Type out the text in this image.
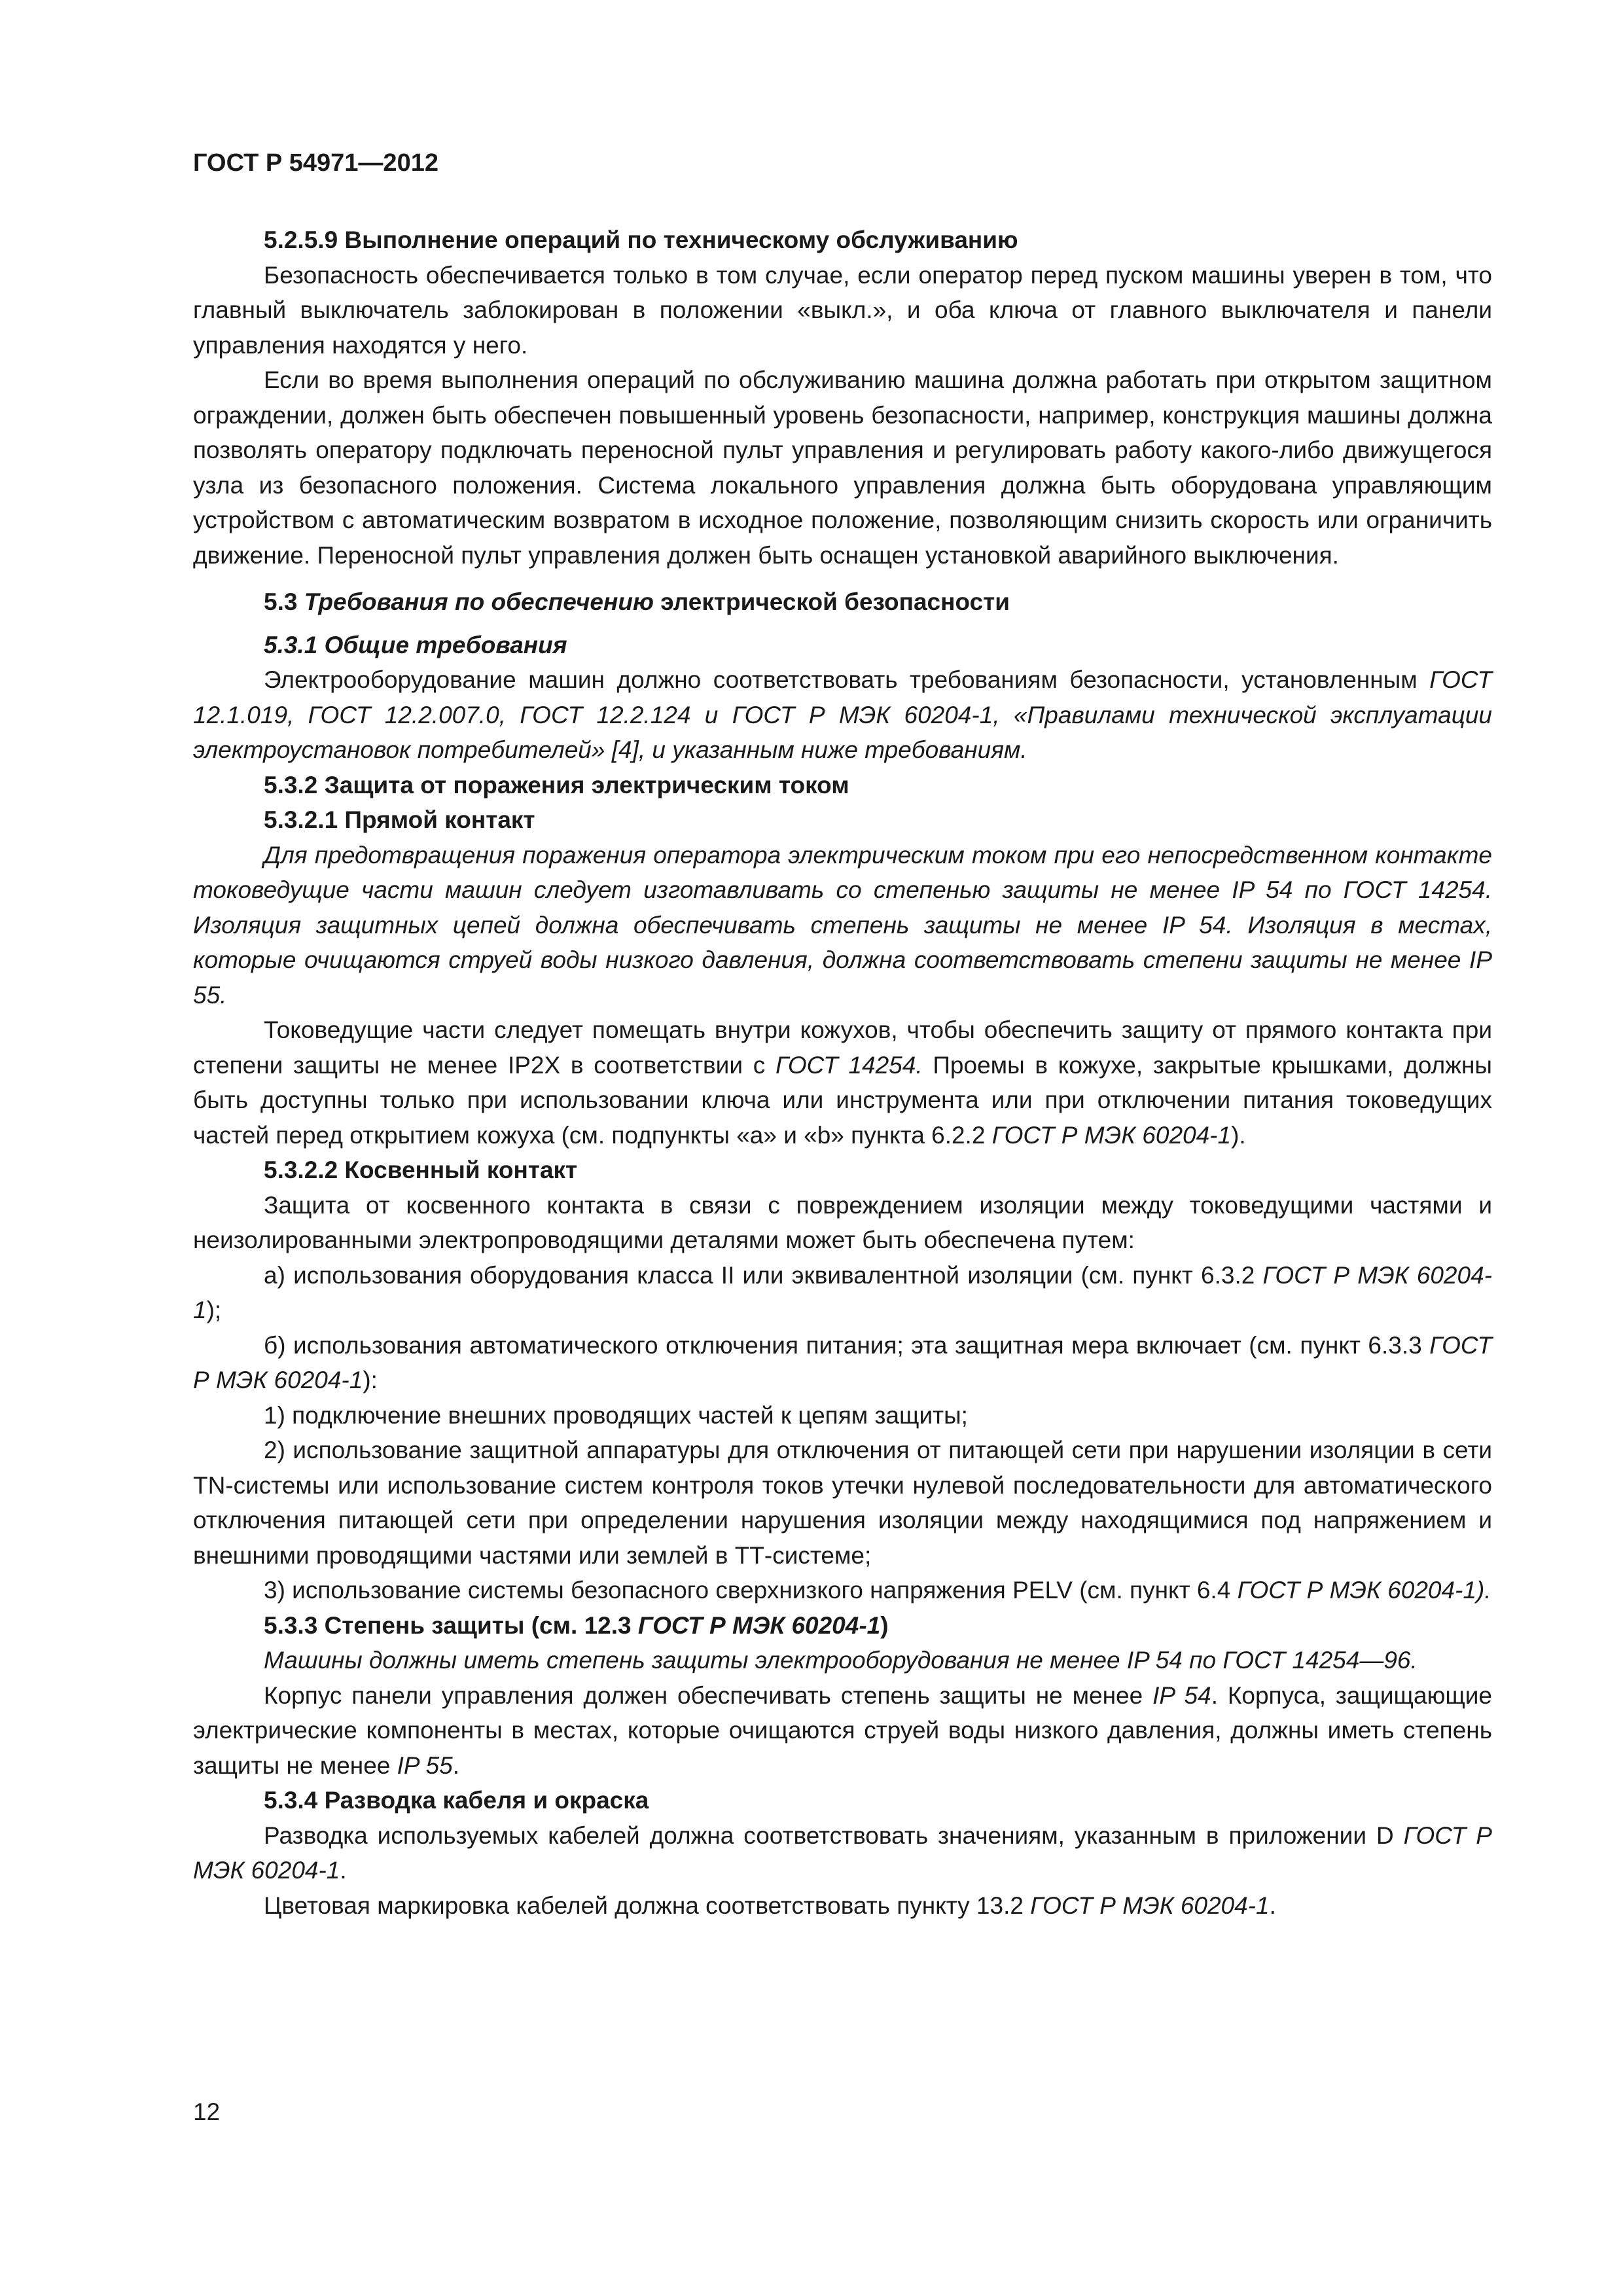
ГОСТ Р 54971—2012

5.2.5.9 Выполнение операций по техническому обслуживанию

Безопасность обеспечивается только в том случае, если оператор перед пуском машины уверен в том, что главный выключатель заблокирован в положении «выкл.», и оба ключа от главного выключателя и панели управления находятся у него.

Если во время выполнения операций по обслуживанию машина должна работать при открытом защитном ограждении, должен быть обеспечен повышенный уровень безопасности, например, конструкция машины должна позволять оператору подключать переносной пульт управления и регулировать работу какого-либо движущегося узла из безопасного положения. Система локального управления должна быть оборудована управляющим устройством с автоматическим возвратом в исходное положение, позволяющим снизить скорость или ограничить движение. Переносной пульт управления должен быть оснащен установкой аварийного выключения.

5.3 Требования по обеспечению электрической безопасности

5.3.1 Общие требования

Электрооборудование машин должно соответствовать требованиям безопасности, установленным ГОСТ 12.1.019, ГОСТ 12.2.007.0, ГОСТ 12.2.124 и ГОСТ Р МЭК 60204-1, «Правилами технической эксплуатации электроустановок потребителей» [4], и указанным ниже требованиям.

5.3.2 Защита от поражения электрическим током

5.3.2.1 Прямой контакт

Для предотвращения поражения оператора электрическим током при его непосредственном контакте токоведущие части машин следует изготавливать со степенью защиты не менее IP 54 по ГОСТ 14254. Изоляция защитных цепей должна обеспечивать степень защиты не менее IP 54. Изоляция в местах, которые очищаются струей воды низкого давления, должна соответствовать степени защиты не менее IP 55.

Токоведущие части следует помещать внутри кожухов, чтобы обеспечить защиту от прямого контакта при степени защиты не менее IP2X в соответствии с ГОСТ 14254. Проемы в кожухе, закрытые крышками, должны быть доступны только при использовании ключа или инструмента или при отключении питания токоведущих частей перед открытием кожуха (см. подпункты «а» и «b» пункта 6.2.2 ГОСТ Р МЭК 60204-1).

5.3.2.2 Косвенный контакт

Защита от косвенного контакта в связи с повреждением изоляции между токоведущими частями и неизолированными электропроводящими деталями может быть обеспечена путем:

а) использования оборудования класса II или эквивалентной изоляции (см. пункт 6.3.2 ГОСТ Р МЭК 60204-1);

б) использования автоматического отключения питания; эта защитная мера включает (см. пункт 6.3.3 ГОСТ Р МЭК 60204-1):

1) подключение внешних проводящих частей к цепям защиты;

2) использование защитной аппаратуры для отключения от питающей сети при нарушении изоляции в сети TN-системы или использование систем контроля токов утечки нулевой последовательности для автоматического отключения питающей сети при определении нарушения изоляции между находящимися под напряжением и внешними проводящими частями или землей в ТТ-системе;

3) использование системы безопасного сверхнизкого напряжения PELV (см. пункт 6.4 ГОСТ Р МЭК 60204-1).

5.3.3 Степень защиты (см. 12.3 ГОСТ Р МЭК 60204-1)

Машины должны иметь степень защиты электрооборудования не менее IP 54 по ГОСТ 14254—96.

Корпус панели управления должен обеспечивать степень защиты не менее IP 54. Корпуса, защищающие электрические компоненты в местах, которые очищаются струей воды низкого давления, должны иметь степень защиты не менее IP 55.

5.3.4 Разводка кабеля и окраска

Разводка используемых кабелей должна соответствовать значениям, указанным в приложении D ГОСТ Р МЭК 60204-1.

Цветовая маркировка кабелей должна соответствовать пункту 13.2 ГОСТ Р МЭК 60204-1.

12
